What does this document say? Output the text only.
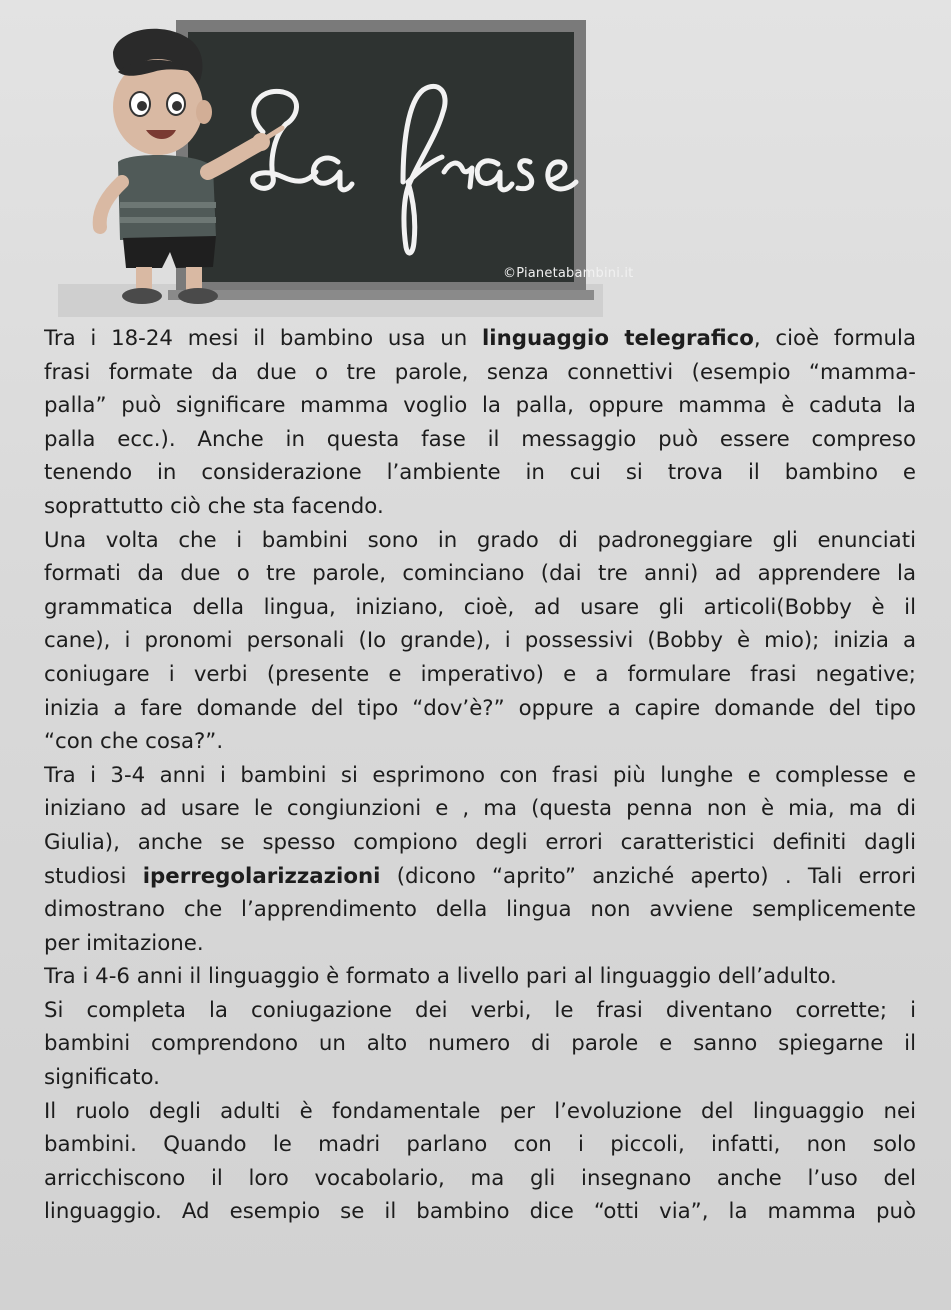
©Pianetabambini.it
Tra i 18-24 mesi il bambino usa un linguaggio telegrafico, cioè formula
frasi formate da due o tre parole, senza connettivi (esempio “mamma-
palla” può significare mamma voglio la palla, oppure mamma è caduta la
palla ecc.). Anche in questa fase il messaggio può essere compreso
tenendo in considerazione l’ambiente in cui si trova il bambino e
soprattutto ciò che sta facendo.
Una volta che i bambini sono in grado di padroneggiare gli enunciati
formati da due o tre parole, cominciano (dai tre anni) ad apprendere la
grammatica della lingua, iniziano, cioè, ad usare gli articoli(Bobby è il
cane), i pronomi personali (Io grande), i possessivi (Bobby è mio); inizia a
coniugare i verbi (presente e imperativo) e a formulare frasi negative;
inizia a fare domande del tipo “dov’è?” oppure a capire domande del tipo
“con che cosa?”.
Tra i 3-4 anni i bambini si esprimono con frasi più lunghe e complesse e
iniziano ad usare le congiunzioni e , ma (questa penna non è mia, ma di
Giulia), anche se spesso compiono degli errori caratteristici definiti dagli
studiosi iperregolarizzazioni (dicono “aprito” anziché aperto) . Tali errori
dimostrano che l’apprendimento della lingua non avviene semplicemente
per imitazione.
Tra i 4-6 anni il linguaggio è formato a livello pari al linguaggio dell’adulto.
Si completa la coniugazione dei verbi, le frasi diventano corrette; i
bambini comprendono un alto numero di parole e sanno spiegarne il
significato.
Il ruolo degli adulti è fondamentale per l’evoluzione del linguaggio nei
bambini. Quando le madri parlano con i piccoli, infatti, non solo
arricchiscono il loro vocabolario, ma gli insegnano anche l’uso del
linguaggio. Ad esempio se il bambino dice “otti via”, la mamma può
